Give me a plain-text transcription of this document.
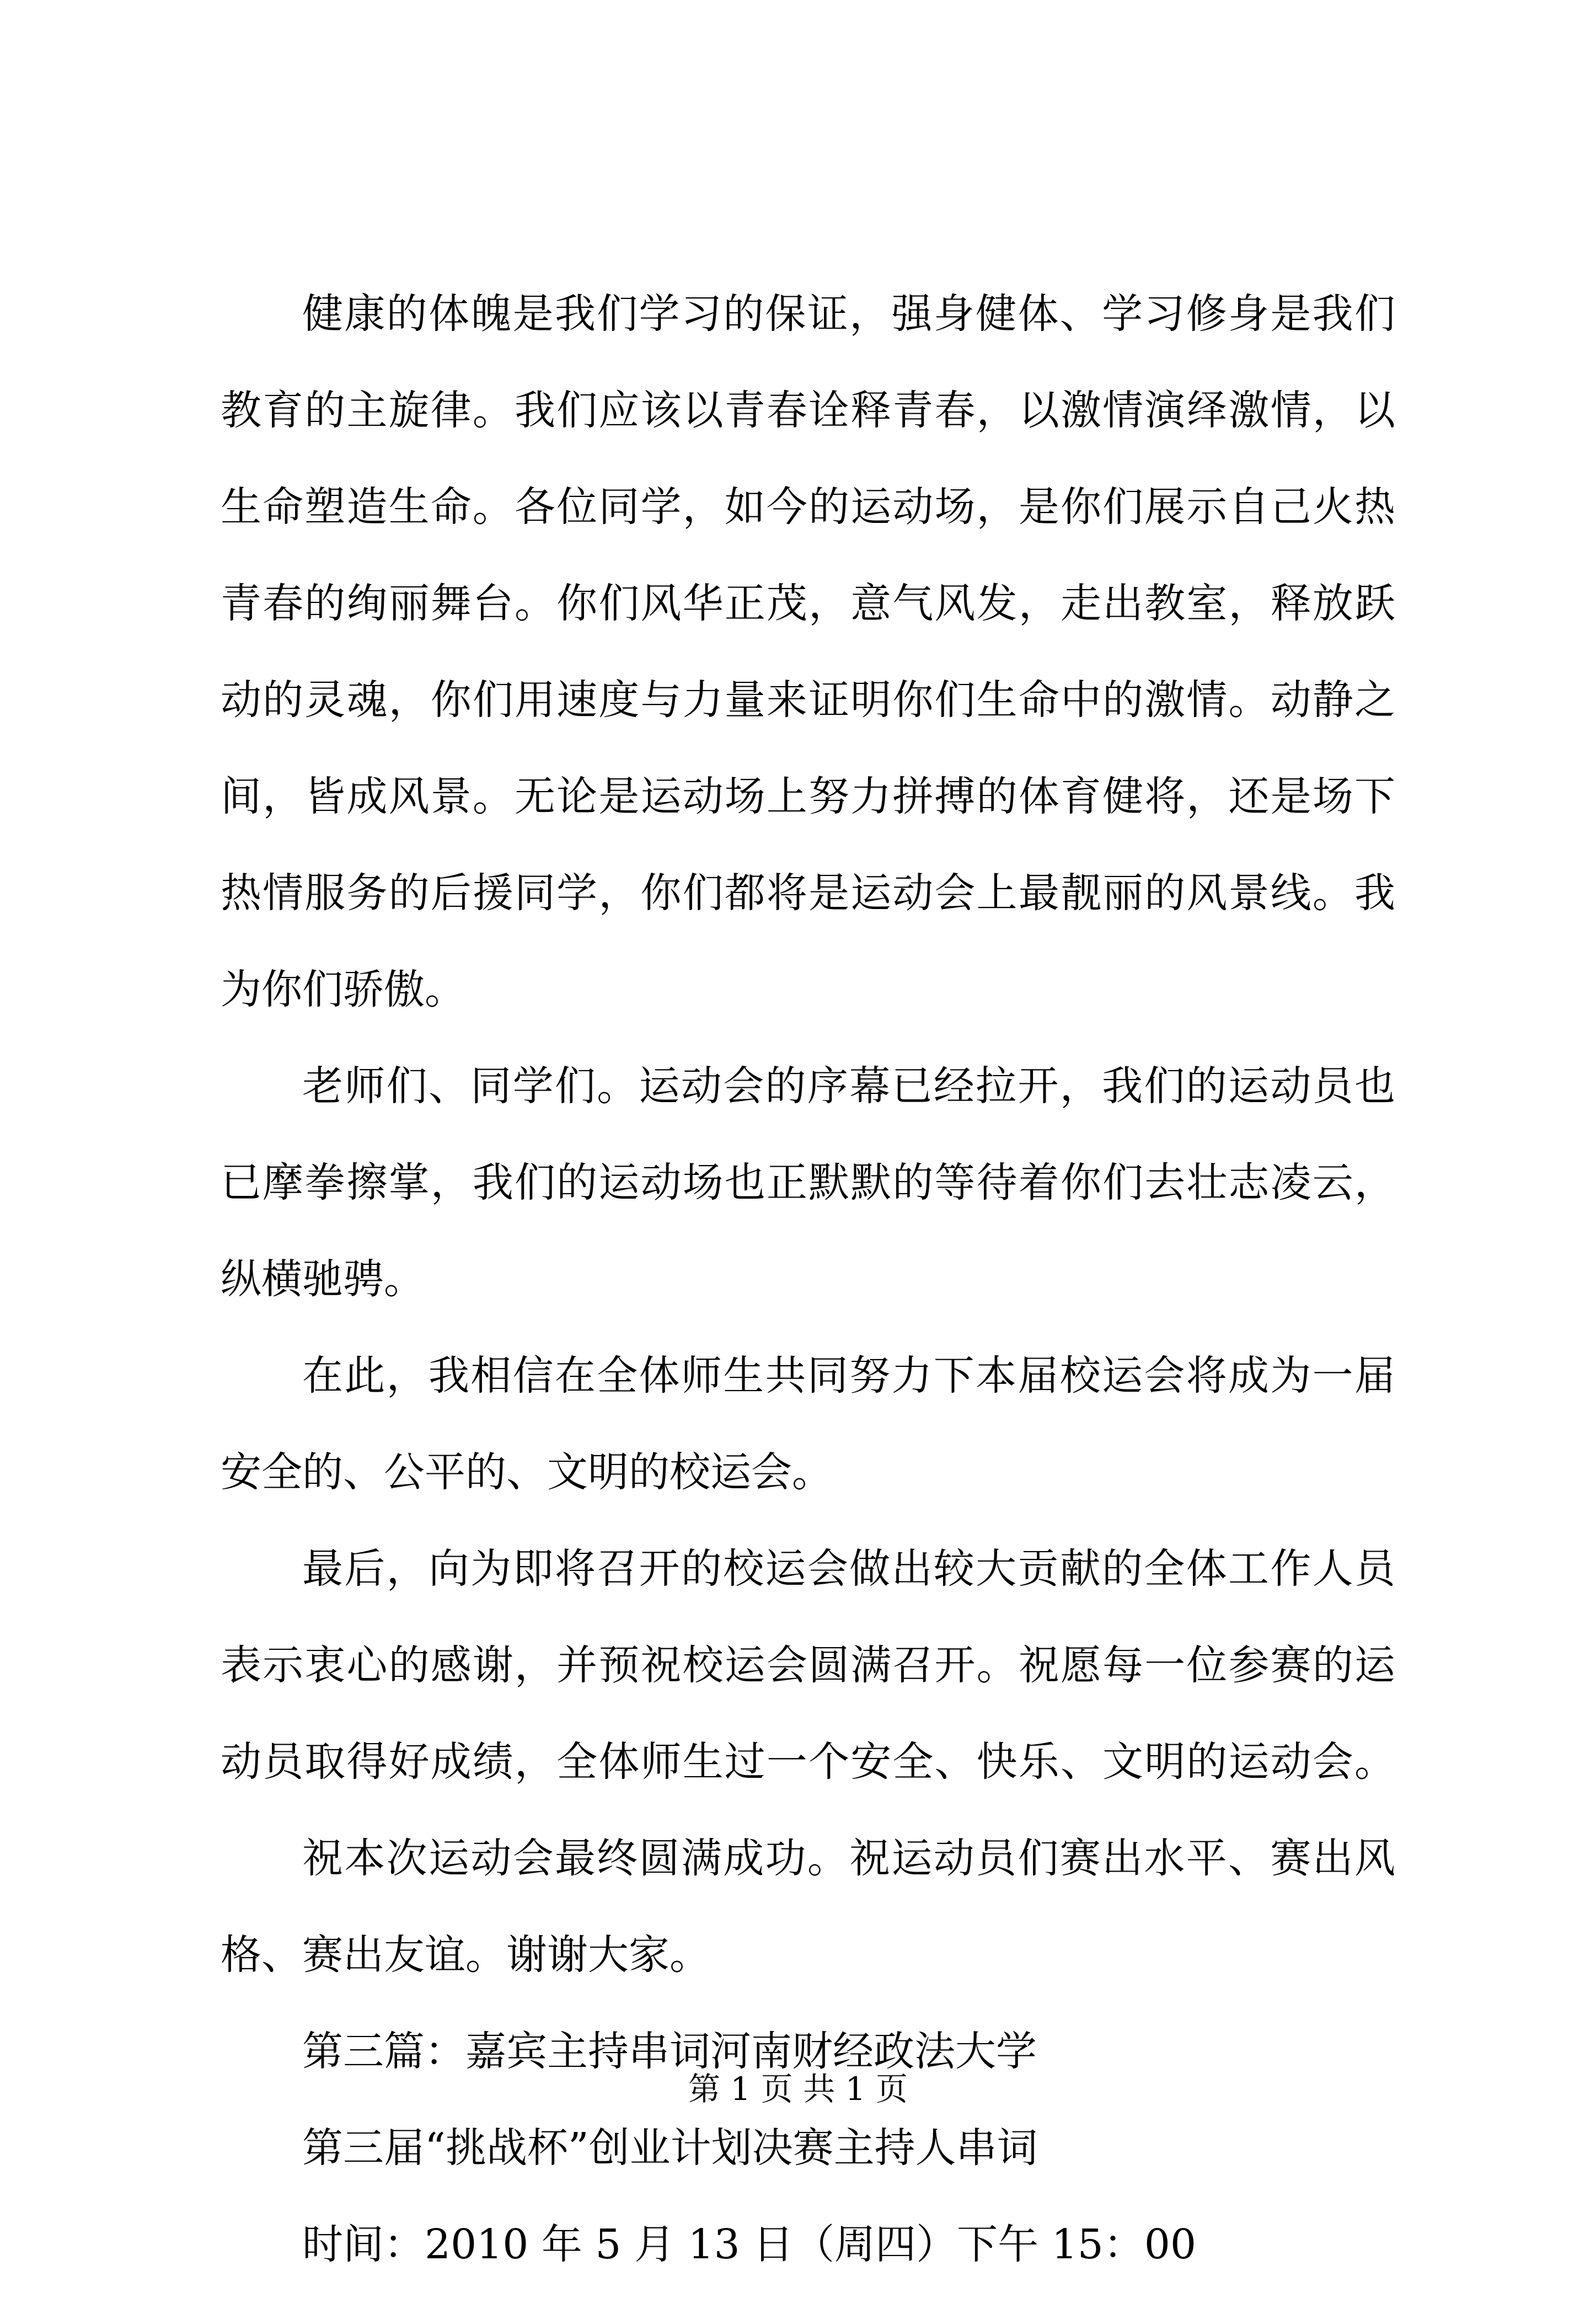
健康的体魄是我们学习的保证，强身健体、学习修身是我们
教育的主旋律。我们应该以青春诠释青春，以激情演绎激情，以
生命塑造生命。各位同学，如今的运动场，是你们展示自己火热
青春的绚丽舞台。你们风华正茂，意气风发，走出教室，释放跃
动的灵魂，你们用速度与力量来证明你们生命中的激情。动静之
间，皆成风景。无论是运动场上努力拼搏的体育健将，还是场下
热情服务的后援同学，你们都将是运动会上最靓丽的风景线。我
为你们骄傲。
老师们、同学们。运动会的序幕已经拉开，我们的运动员也
已摩拳擦掌，我们的运动场也正默默的等待着你们去壮志凌云，
纵横驰骋。
在此，我相信在全体师生共同努力下本届校运会将成为一届
安全的、公平的、文明的校运会。
最后，向为即将召开的校运会做出较大贡献的全体工作人员
表示衷心的感谢，并预祝校运会圆满召开。祝愿每一位参赛的运
动员取得好成绩，全体师生过一个安全、快乐、文明的运动会。
祝本次运动会最终圆满成功。祝运动员们赛出水平、赛出风
格、赛出友谊。谢谢大家。
第三篇：嘉宾主持串词河南财经政法大学
第三届“挑战杯”创业计划决赛主持人串词
时间：2010 年 5 月 13 日（周四）下午 15：00
第 1 页 共 1 页
